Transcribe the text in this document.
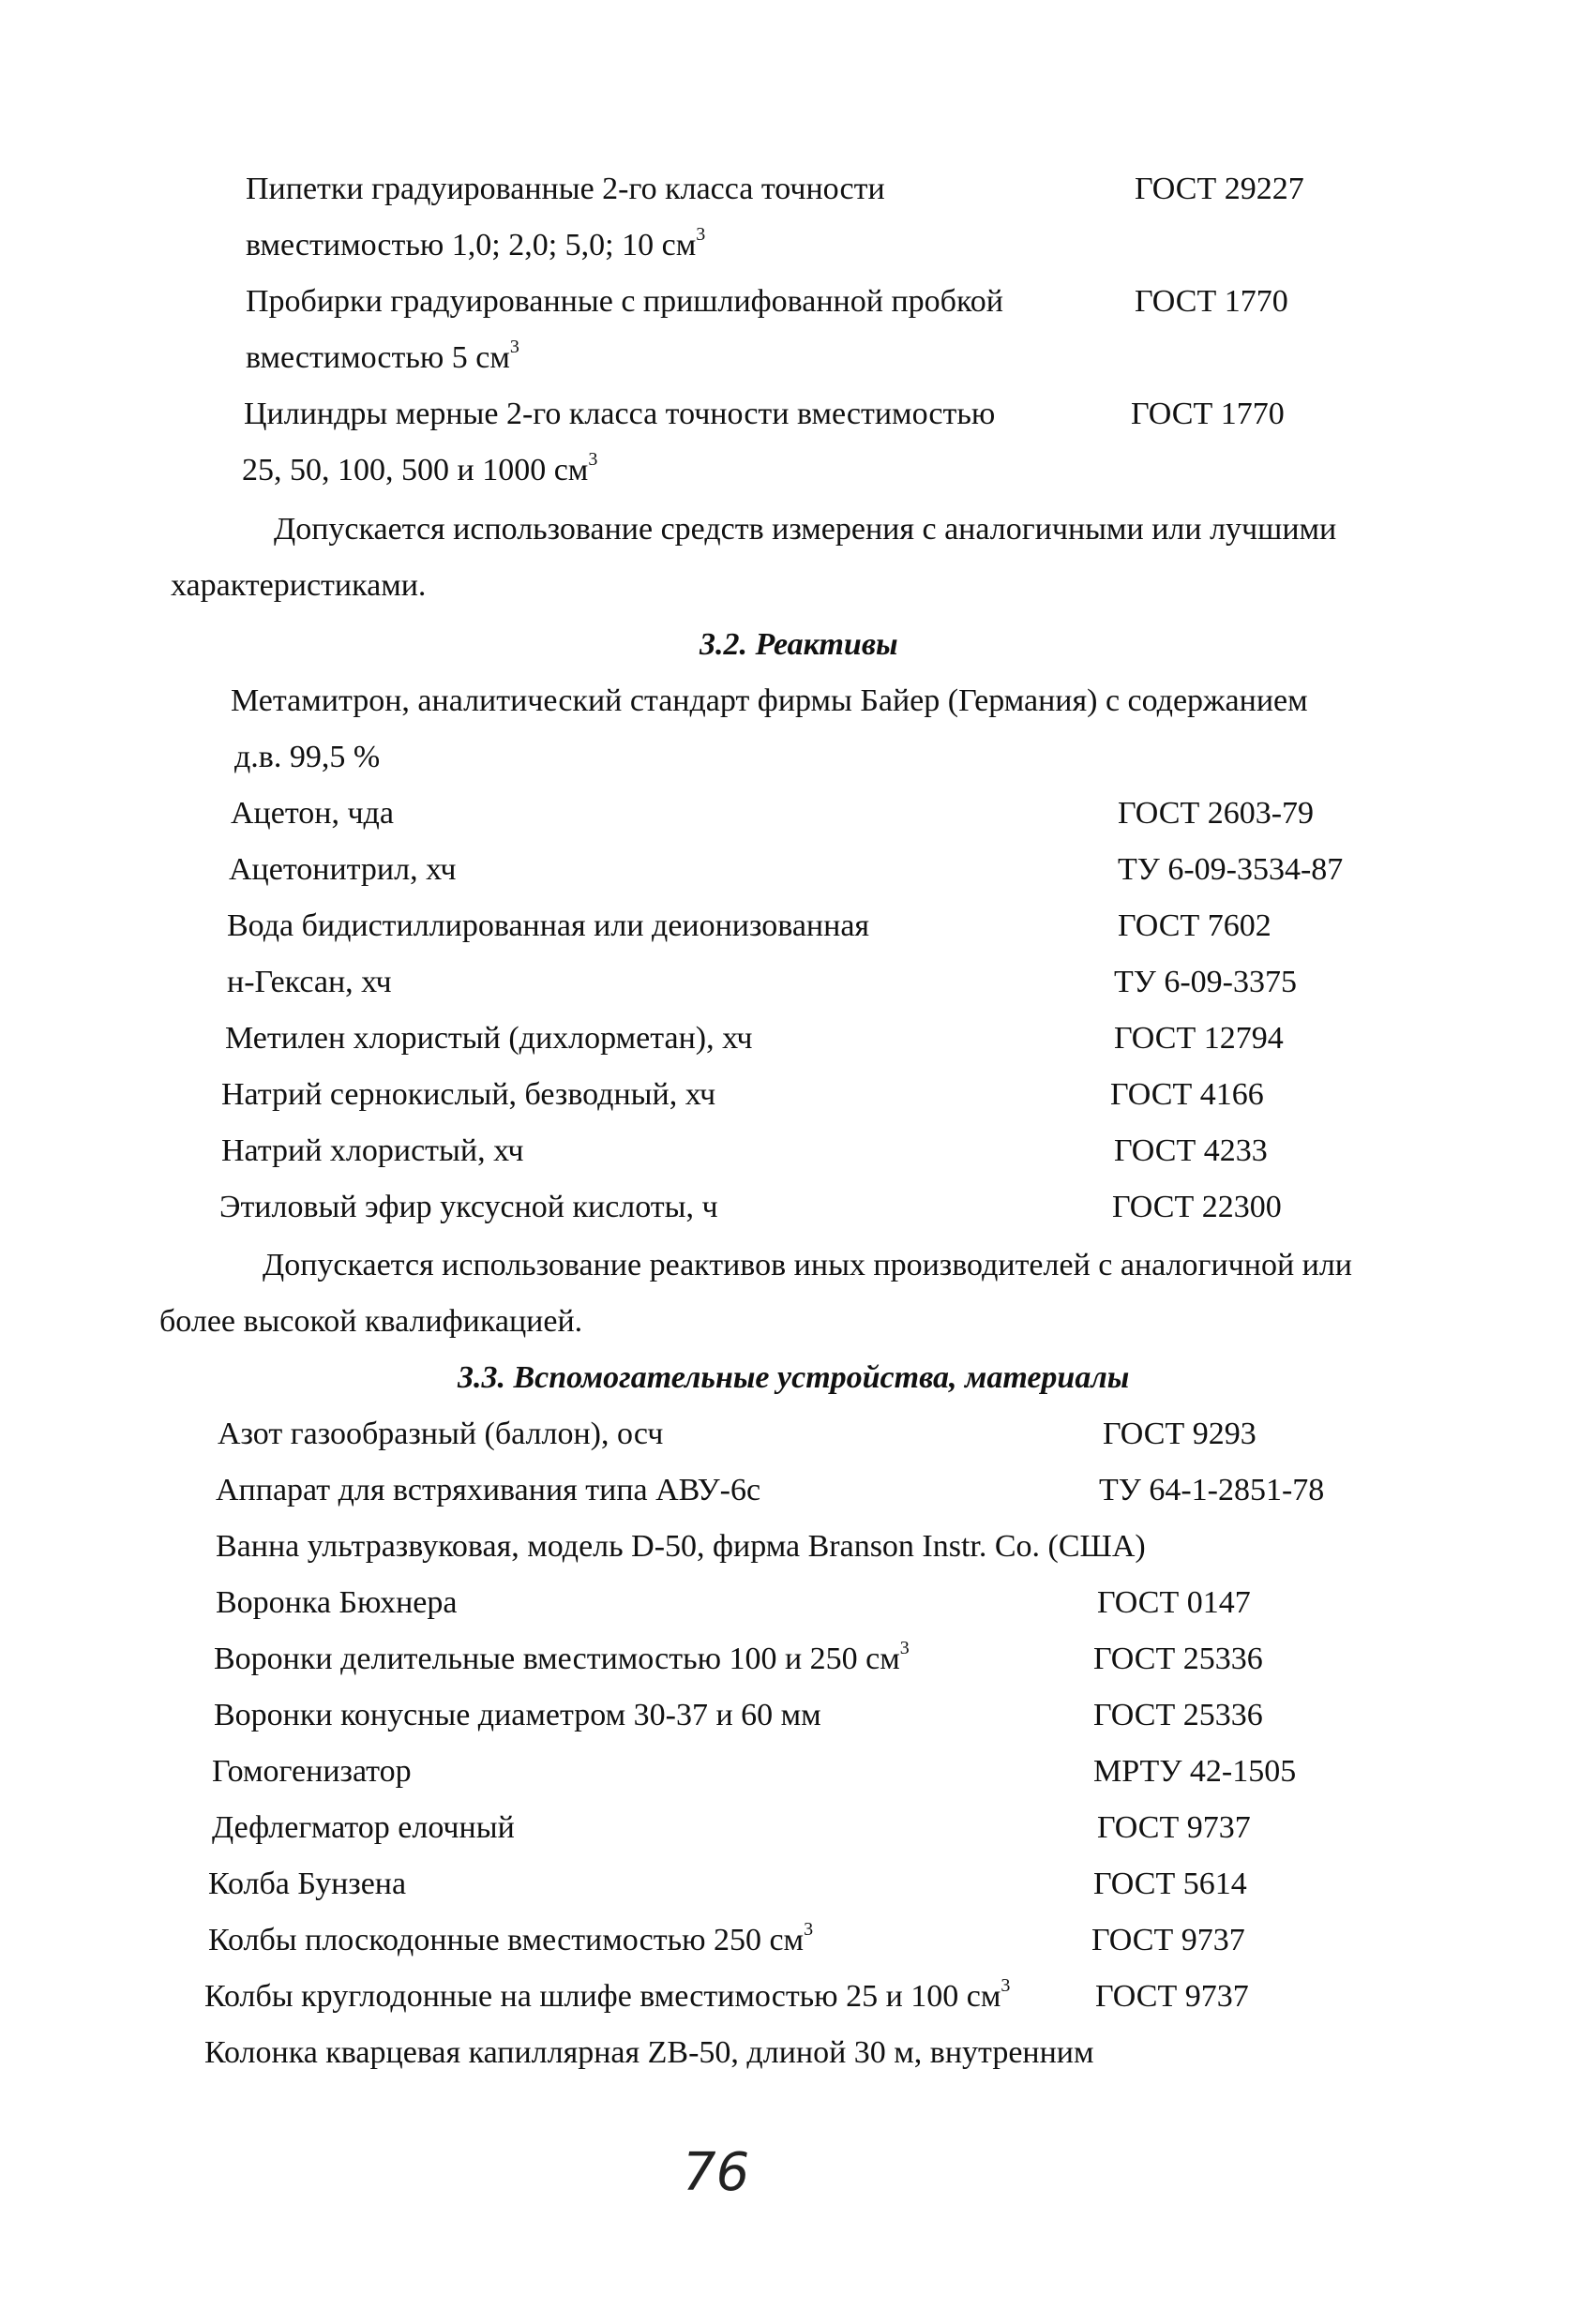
Пипетки градуированные 2-го класса точности	ГОСТ 29227
вместимостью 1,0; 2,0; 5,0; 10 $см^3$
Пробирки градуированные с пришлифованной пробкой	ГОСТ 1770
вместимостью 5 $см^3$
Цилиндры мерные 2-го класса точности вместимостью	ГОСТ 1770
25, 50, 100, 500 и 1000 $см^3$
Допускается использование средств измерения с аналогичными или лучшими
характеристиками.
3.2. Реактивы
Метамитрон, аналитический стандарт фирмы Байер (Германия) с содержанием
д.в. 99,5 %
Ацетон, чда	ГОСТ 2603-79
Ацетонитрил, хч	ТУ 6-09-3534-87
Вода бидистиллированная или деионизованная	ГОСТ 7602
н-Гексан, хч	ТУ 6-09-3375
Метилен хлористый (дихлорметан), хч	ГОСТ 12794
Натрий сернокислый, безводный, хч	ГОСТ 4166
Натрий хлористый, хч	ГОСТ 4233
Этиловый эфир уксусной кислоты, ч	ГОСТ 22300
Допускается использование реактивов иных производителей с аналогичной или
более высокой квалификацией.
3.3. Вспомогательные устройства, материалы
Азот газообразный (баллон), осч	ГОСТ 9293
Аппарат для встряхивания типа АВУ-6с	ТУ 64-1-2851-78
Ванна ультразвуковая, модель D-50, фирма Branson Instr. Co. (США)
Воронка Бюхнера	ГОСТ 0147
Воронки делительные вместимостью 100 и 250 $см^3$	ГОСТ 25336
Воронки конусные диаметром 30-37 и 60 мм	ГОСТ 25336
Гомогенизатор	МРТУ 42-1505
Дефлегматор елочный	ГОСТ 9737
Колба Бунзена	ГОСТ 5614
Колбы плоскодонные вместимостью 250 $см^3$	ГОСТ 9737
Колбы круглодонные на шлифе вместимостью 25 и 100 $см^3$	ГОСТ 9737
Колонка кварцевая капиллярная ZB-50, длиной 30 м, внутренним
76
